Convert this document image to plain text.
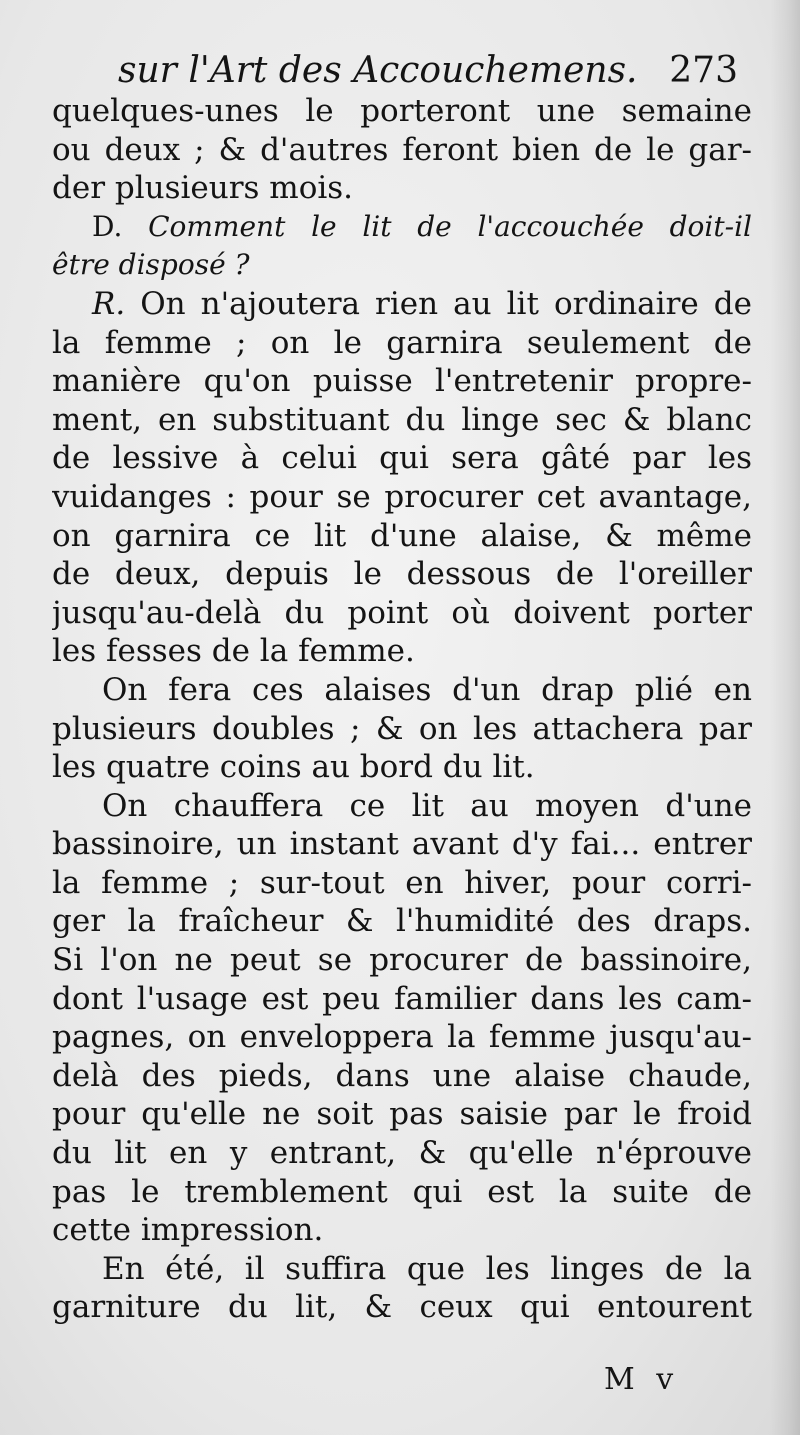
sur l'Art des Accouchemens. 273
quelques-unes le porteront une semaine
ou deux ; & d'autres feront bien de le gar-
der plusieurs mois.
D. Comment le lit de l'accouchée doit-il
être disposé ?
R. On n'ajoutera rien au lit ordinaire de
la femme ; on le garnira seulement de
manière qu'on puisse l'entretenir propre-
ment, en substituant du linge sec & blanc
de lessive à celui qui sera gâté par les
vuidanges : pour se procurer cet avantage,
on garnira ce lit d'une alaise, & même
de deux, depuis le dessous de l'oreiller
jusqu'au-delà du point où doivent porter
les fesses de la femme.
On fera ces alaises d'un drap plié en
plusieurs doubles ; & on les attachera par
les quatre coins au bord du lit.
On chauffera ce lit au moyen d'une
bassinoire, un instant avant d'y fai... entrer
la femme ; sur-tout en hiver, pour corri-
ger la fraîcheur & l'humidité des draps.
Si l'on ne peut se procurer de bassinoire,
dont l'usage est peu familier dans les cam-
pagnes, on enveloppera la femme jusqu'au-
delà des pieds, dans une alaise chaude,
pour qu'elle ne soit pas saisie par le froid
du lit en y entrant, & qu'elle n'éprouve
pas le tremblement qui est la suite de
cette impression.
En été, il suffira que les linges de la
garniture du lit, & ceux qui entourent
M v
